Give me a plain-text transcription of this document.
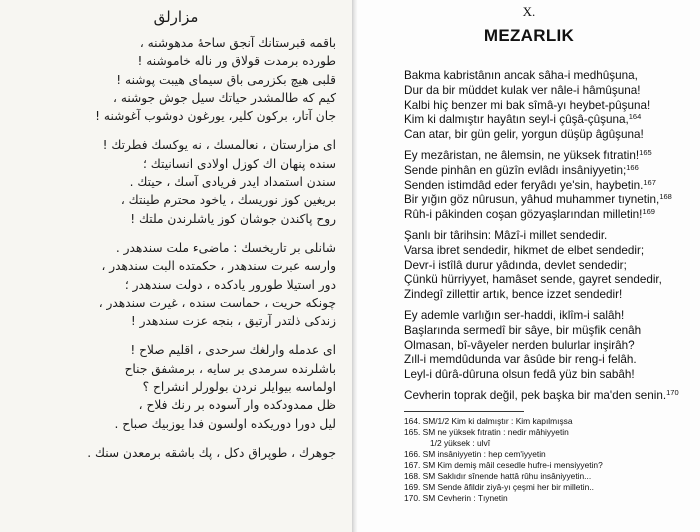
مزارلق
باقمه قبرستانك آنجق ساحهٔ مدهوشنه ،
طورده برمدت قولاق ور ناله خاموشنه !
قلبی هیچ بكزرمی باق سیمای هیبت پوشنه !
كیم كه طالمشدر حیاتك سیل جوش جوشنه ،
جان آتار، بركون كلیر، یورغون دوشوب آغوشنه !
ای مزارستان ، نعالمسك ، نه یوكسك فطرتك !
سنده پنهان اك كوزل اولادی انسانیتك ؛
سندن استمداد ایدر فریادی آسك ، حیتك .
بریغین كوز نوریسك ، یاخود محترم طینتك ،
روح پاكندن جوشان كوز یاشلرندن ملتك !
شانلی بر تاریخسك : ماضیء ملت سندهدر .
وارسه عبرت سندهدر ، حكمتده البت سندهدر ،
دور استیلا طورور یادكده ، دولت سندهدر ؛
چونكه حریت ، حماست سنده ، غیرت سندهدر ،
زندكی ذلتدر آرتیق ، بنجه عزت سندهدر !
ای عدمله وارلغك سرحدی ، اقلیم صلاح !
باشلرنده سرمدی بر سایه ، برمشفق جناح
اولماسه بیوایلر نردن بولورلر انشراح ؟
ظل ممدودكده وار آسوده بر رنك فلاح ،
لیل دورا دوریكده اولسون فدا یوزبیك صباح .
جوهرك ، طوپراق دكل ، پك باشقه برمعدن سنك .
X.
MEZARLIK
Bakma kabristânın ancak sâha-i medhûşuna,
Dur da bir müddet kulak ver nâle-i hâmûşuna!
Kalbi hiç benzer mi bak sîmâ-yı heybet-pûşuna!
Kim ki dalmıştır hayâtın seyl-i çûşâ-çûşuna,$^{164}$
Can atar, bir gün gelir, yorgun düşüp âgûşuna!
Ey mezâristan, ne âlemsin, ne yüksek fıtratin!$^{165}$
Sende pinhân en güzîn evlâdı insâniyyetin;$^{166}$
Senden istimdâd eder feryâdı ye'sin, haybetin.$^{167}$
Bir yığın göz nûrusun, yâhud muhammer tıynetin,$^{168}$
Rûh-i pâkinden coşan gözyaşlarından milletin!$^{169}$
Şanlı bir târihsin: Mâzî-i millet sendedir.
Varsa ibret sendedir, hikmet de elbet sendedir;
Devr-i istîlâ durur yâdında, devlet sendedir;
Çünkü hürriyyet, hamâset sende, gayret sendedir,
Zindegî zillettir artık, bence izzet sendedir!
Ey ademle varlığın ser-haddi, iklîm-i salâh!
Başlarında sermedî bir sâye, bir müşfik cenâh
Olmasan, bî-vâyeler nerden bulurlar inşirâh?
Zıll-i memdûdunda var âsûde bir reng-i felâh.
Leyl-i dûrâ-dûruna olsun fedâ yüz bin sabâh!
Cevherin toprak değil, pek başka bir ma'den senin.$^{170}$
164. SM/1/2 Kim ki dalmıştır : Kim kapılmışsa
165. SM ne yüksek fıtratin : nedir mâhiyyetin
1/2 yüksek : ulvî
166. SM insâniyyetin : hep cem'iyyetin
167. SM Kim demiş mâil cesedle hufre-i mensiyyetin?
168. SM Saklıdır sînende hattâ rûhu insâniyyetin...
169. SM Sende âfildir ziyâ-yı çeşmi her bir milletin..
170. SM Cevherin : Tıynetin
